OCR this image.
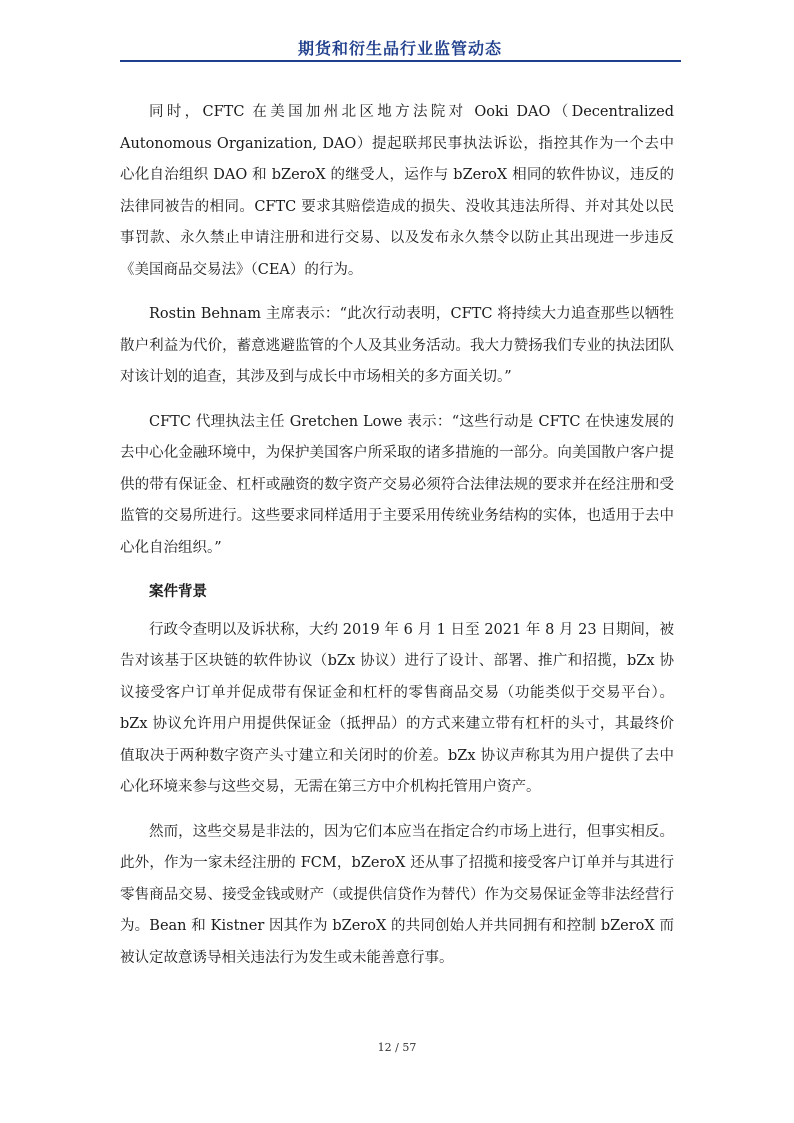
期货和衍生品行业监管动态

同时，CFTC 在美国加州北区地方法院对 Ooki DAO（Decentralized Autonomous Organization, DAO）提起联邦民事执法诉讼，指控其作为一个去中心化自治组织 DAO 和 bZeroX 的继受人，运作与 bZeroX 相同的软件协议，违反的法律同被告的相同。CFTC 要求其赔偿造成的损失、没收其违法所得、并对其处以民事罚款、永久禁止申请注册和进行交易、以及发布永久禁令以防止其出现进一步违反《美国商品交易法》（CEA）的行为。

Rostin Behnam 主席表示：“此次行动表明，CFTC 将持续大力追查那些以牺牲散户利益为代价，蓄意逃避监管的个人及其业务活动。我大力赞扬我们专业的执法团队对该计划的追查，其涉及到与成长中市场相关的多方面关切。”

CFTC 代理执法主任 Gretchen Lowe 表示：“这些行动是 CFTC 在快速发展的去中心化金融环境中，为保护美国客户所采取的诸多措施的一部分。向美国散户客户提供的带有保证金、杠杆或融资的数字资产交易必须符合法律法规的要求并在经注册和受监管的交易所进行。这些要求同样适用于主要采用传统业务结构的实体，也适用于去中心化自治组织。”

案件背景

行政令查明以及诉状称，大约 2019 年 6 月 1 日至 2021 年 8 月 23 日期间，被告对该基于区块链的软件协议（bZx 协议）进行了设计、部署、推广和招揽，bZx 协议接受客户订单并促成带有保证金和杠杆的零售商品交易（功能类似于交易平台）。bZx 协议允许用户用提供保证金（抵押品）的方式来建立带有杠杆的头寸，其最终价值取决于两种数字资产头寸建立和关闭时的价差。bZx 协议声称其为用户提供了去中心化环境来参与这些交易，无需在第三方中介机构托管用户资产。

然而，这些交易是非法的，因为它们本应当在指定合约市场上进行，但事实相反。此外，作为一家未经注册的 FCM，bZeroX 还从事了招揽和接受客户订单并与其进行零售商品交易、接受金钱或财产（或提供信贷作为替代）作为交易保证金等非法经营行为。Bean 和 Kistner 因其作为 bZeroX 的共同创始人并共同拥有和控制 bZeroX 而被认定故意诱导相关违法行为发生或未能善意行事。

12 / 57
